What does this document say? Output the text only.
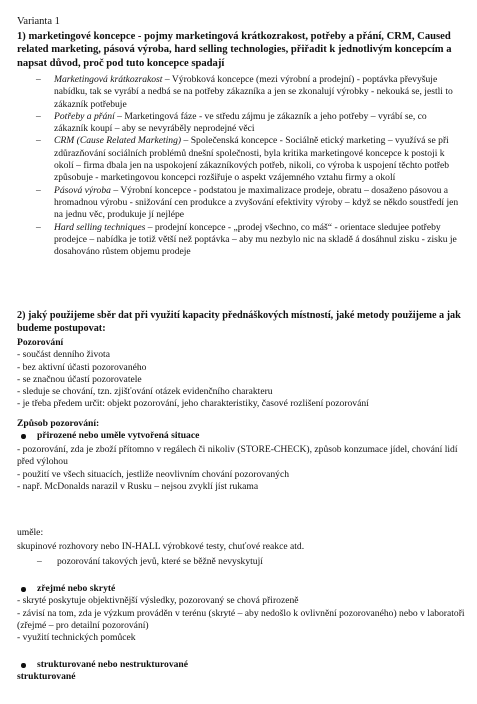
Varianta 1
1) marketingové koncepce - pojmy marketingová krátkozrakost, potřeby a přání, CRM, Caused related marketing, pásová výroba, hard selling technologies, přiřadit k jednotlivým koncepcím a napsat důvod, proč pod tuto koncepce spadají
– Marketingová krátkozrakost – Výrobková koncepce (mezi výrobní a prodejní) - poptávka převyšuje nabídku, tak se vyrábí a nedbá se na potřeby zákazníka a jen se zkonalují výrobky - nekouká se, jestli to zákazník potřebuje
– Potřeby a přání – Marketingová fáze - ve středu zájmu je zákazník a jeho potřeby – vyrábí se, co zákazník koupí – aby se nevyráběly neprodejné věci
– CRM (Cause Related Marketing) – Společenská koncepce - Sociálně etický marketing – využívá se při zdůrazňování sociálních problémů dnešní společnosti, byla kritika marketingové koncepce k postoji k okolí – firma dbala jen na uspokojení zákazníkových potřeb, nikoli, co výroba k uspojení těchto potřeb způsobuje - marketingovou koncepci rozšiřuje o aspekt vzájemného vztahu firmy a okolí
– Pásová výroba – Výrobní koncepce - podstatou je maximalizace prodeje, obratu – dosaženo pásovou a hromadnou výrobu - snižování cen produkce a zvyšování efektivity výroby – když se někdo soustředí jen na jednu věc, produkuje jí nejlépe
– Hard selling techniques – prodejní koncepce - „prodej všechno, co máš“ - orientace sledujee potřeby prodejce – nabídka je totiž větší než poptávka – aby mu nezbylo nic na skladě á dosáhnul zisku - zisku je dosahováno růstem objemu prodeje
2) jaký použijeme sběr dat při využití kapacity přednáškových místností, jaké metody použijeme a jak budeme postupovat:
Pozorování
- součást denního života
- bez aktivní účasti pozorovaného
- se značnou účastí pozorovatele
- sleduje se chování, tzn. zjišťování otázek evidenčního charakteru
- je třeba předem určit: objekt pozorování, jeho charakteristiky, časové rozlišení pozorování
Způsob pozorování:
přirozené nebo uměle vytvořená situace
- pozorování, zda je zboží přítomno v regálech či nikoliv (STORE-CHECK), způsob konzumace jídel, chování lidí před výlohou
- použití ve všech situacích, jestliže neovlivním chování pozorovaných
- např. McDonalds narazil v Rusku – nejsou zvyklí jíst rukama
uměle:
skupinové rozhovory nebo IN-HALL výrobkové testy, chuťové reakce atd.
– pozorování takových jevů, které se běžně nevyskytují
zřejmé nebo skryté
- skryté poskytuje objektivnější výsledky, pozorovaný se chová přirozeně
- závisí na tom, zda je výzkum prováděn v terénu (skryté – aby nedošlo k ovlivnění pozorovaného) nebo v laboratoři (zřejmé – pro detailní pozorování)
- využití technických pomůcek
strukturované nebo nestrukturované
strukturované
